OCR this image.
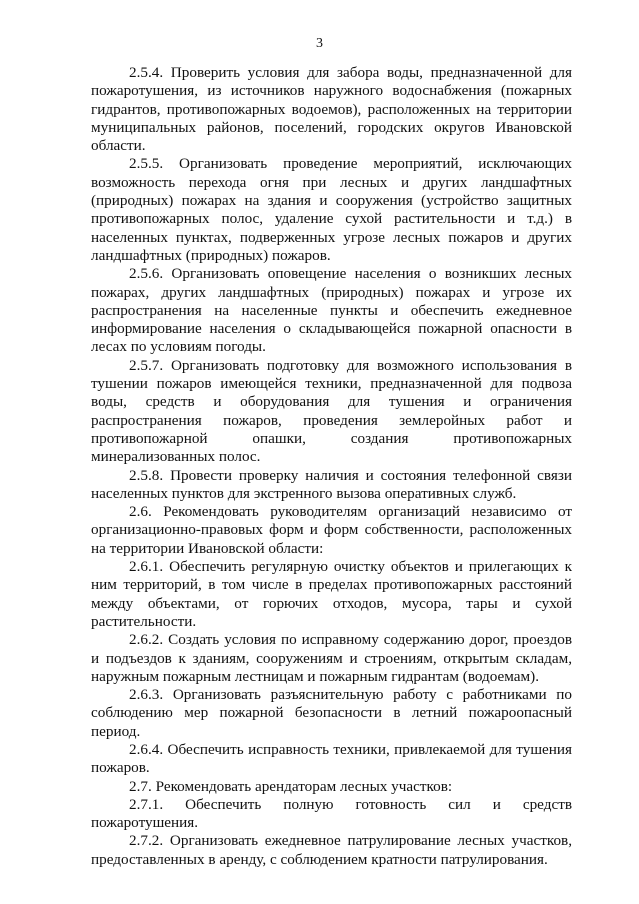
3

2.5.4. Проверить условия для забора воды, предназначенной для пожаротушения, из источников наружного водоснабжения (пожарных гидрантов, противопожарных водоемов), расположенных на территории муниципальных районов, поселений, городских округов Ивановской области.

2.5.5. Организовать проведение мероприятий, исключающих возможность перехода огня при лесных и других ландшафтных (природных) пожарах на здания и сооружения (устройство защитных противопожарных полос, удаление сухой растительности и т.д.) в населенных пунктах, подверженных угрозе лесных пожаров и других ландшафтных (природных) пожаров.

2.5.6. Организовать оповещение населения о возникших лесных пожарах, других ландшафтных (природных) пожарах и угрозе их распространения на населенные пункты и обеспечить ежедневное информирование населения о складывающейся пожарной опасности в лесах по условиям погоды.

2.5.7. Организовать подготовку для возможного использования в тушении пожаров имеющейся техники, предназначенной для подвоза воды, средств и оборудования для тушения и ограничения распространения пожаров, проведения землеройных работ и противопожарной опашки, создания противопожарных минерализованных полос.

2.5.8. Провести проверку наличия и состояния телефонной связи населенных пунктов для экстренного вызова оперативных служб.

2.6. Рекомендовать руководителям организаций независимо от организационно-правовых форм и форм собственности, расположенных на территории Ивановской области:

2.6.1. Обеспечить регулярную очистку объектов и прилегающих к ним территорий, в том числе в пределах противопожарных расстояний между объектами, от горючих отходов, мусора, тары и сухой растительности.

2.6.2. Создать условия по исправному содержанию дорог, проездов и подъездов к зданиям, сооружениям и строениям, открытым складам, наружным пожарным лестницам и пожарным гидрантам (водоемам).

2.6.3. Организовать разъяснительную работу с работниками по соблюдению мер пожарной безопасности в летний пожароопасный период.

2.6.4. Обеспечить исправность техники, привлекаемой для тушения пожаров.

2.7. Рекомендовать арендаторам лесных участков:

2.7.1. Обеспечить полную готовность сил и средств пожаротушения.

2.7.2. Организовать ежедневное патрулирование лесных участков, предоставленных в аренду, с соблюдением кратности патрулирования.
